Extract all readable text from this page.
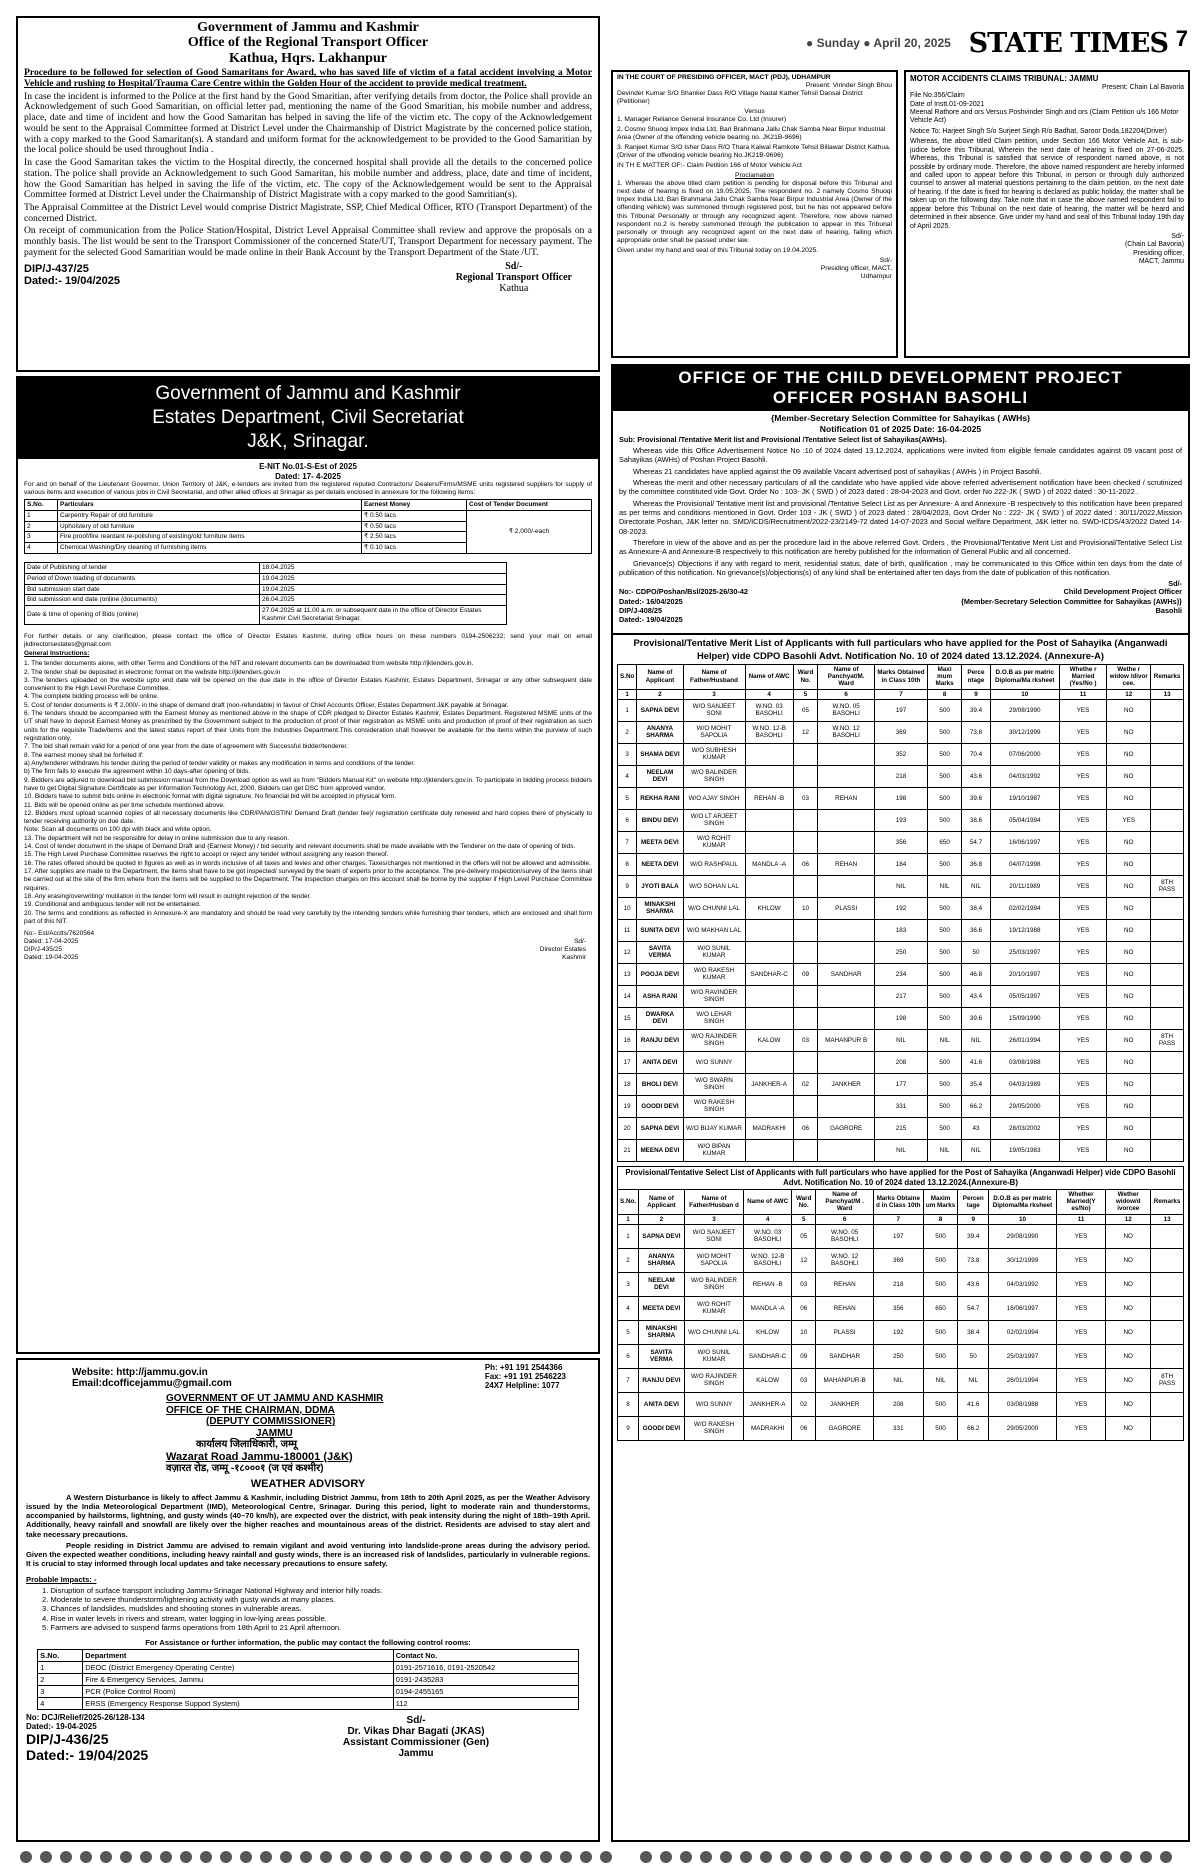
Government of Jammu and Kashmir
Office of the Regional Transport Officer
Kathua, Hqrs. Lakhanpur

Procedure to be followed for selection of Good Samaritans for Award, who has saved life of victim of a fatal accident involving a Motor Vehicle and rushing to Hospital/Trauma Care Centre within the Golden Hour of the accident to provide medical treatment.

In case the incident is informed to the Police at the first hand by the Good Smaritian, after verifying details from doctor, the Police shall provide an Acknowledgement of such Good Samaritian, on official letter pad, mentioning the name of the Good Smaritian, his mobile number and address, place, date and time of incident and how the Good Samaritan has helped in saving the life of the victim etc. The copy of the Acknowledgement would be sent to the Appraisal Committee formed at District Level under the Chairmanship of District Magistrate by the concerned police station, with a copy marked to the Good Samaritan(s). A standard and uniform format for the acknowledgement to be provided to the Good Samaritian by the local police should be used throughout India .

In case the Good Samaritan takes the victim to the Hospital directly, the concerned hospital shall provide all the details to the concerned police station. The police shall provide an Acknowledgement to such Good Samaritan, his mobile number and address, place, date and time of incident, how the Good Samaritian has helped in saving the life of the victim, etc. The copy of the Acknowledgement would be sent to the Appraisal Committee formed at District Level under the Chairmanship of District Magistrate with a copy marked to the good Samritian(s).

The Appraisal Committee at the District Level would comprise District Magistrate, SSP, Chief Medical Officer, RTO (Transport Department) of the concerned District.

On receipt of communication from the Police Station/Hospital, District Level Appraisal Committee shall review and approve the proposals on a monthly basis. The list would be sent to the Transport Commissioner of the concerned State/UT, Transport Department for necessary payment. The payment for the selected Good Samaritian would be made online in their Bank Account by the Transport Department of the State /UT.

Sd/-
Regional Transport Officer
Kathua
DIP/J-437/25
Dated:- 19/04/2025
Government of Jammu and Kashmir
Estates Department, Civil Secretariat
J&K, Srinagar.
E-NIT No.01-S-Est of 2025
Dated: 17- 4-2025

For and on behalf of the Lieutenant Governor, Union Territory of J&K, e-tenders are invited from the registered reputed Contractors/ Dealers/Firms/MSME units registered suppliers for supply of various items and execution of various jobs in Civil Secretariat, and other allied offices at Srinagar as per details enclosed in annexure for the following items:

S.No.	Particulars	Earnest Money	Cost of Tender Document
1	Carpentry Repair of old furniture	₹ 0.50 lacs	₹ 2,000/-each
2	Upholstery of old furniture	₹ 0.50 lacs	
3	Fire proof/fire reardant re-polishing of existing/old furniture items	₹ 2.50 lacs	
4	Chemical Washing/Dry cleaning of furnishing items	₹ 0.10 lacs	
Date of Publishing of tender	18.04.2025
Period of Down loading of documents	19.04.2025
Bid submission start date	19.04.2025
Bid submission end date (online (documents)	26.04.2025
Date & time of opening of Bids (online)	27.04.2025 at 11.00 a.m. or subsequent date in the office of Director Estates Kashmir Civil Secretariat Srinagar.

For further details or any clarification, please contact the office of Director Estates Kashmir, during office hours on these numbers 0194-2506232; send your mail on email jkdirectorsestates@gmail.com

General Instructions:

1. The tender documents alone, with other Terms and Conditions of the NIT and relevant documents can be downloaded from website http://jktenders.gov.in.
2. The tender shall be deposited in electronic format on the website http://jktenders.gov.in
3. The tenders uploaded on the website upto end date will be opened on the due date in the office of Director Estates Kashmir, Estates Department, Srinagar or any other subsequent date convenient to the High Level Purchase Committee.
4. The complete bidding process will be online.
5. Cost of tender documents is ₹ 2,000/- in the shape of demand draft (non-refundable) in favour of Chief Accounts Officer, Estates Department J&K payable at Srinagar.
6. The tenders should be accompanied with the Earnest Money as mentioned above in the shape of CDR pledged to Director Estates Kashmir, Estates Department. Registered MSME units of the UT shall have to deposit Earnest Money as prescribed by the Government subject to the production of proof of their registration as MSME units and production of proof of their registration as such units for the requisite Trade/items and the latest status report of their Units from the Industries Department.This consideration shall however be available for the items within the purview of such registration only.
7. The bid shall remain valid for a period of one year from the date of agreement with Successful bidder/tenderer.
8. The earnest money shall be forfeited if:
a) Any/tenderer withdraws his tender during the period of tender validity or makes any modification in terms and conditions of the tender.
b) The firm fails to execute the agreement within 10 days-after opening of bids.
9. Bidders are adjured to download bid submission manual from the Download option as well as from "Bidders Manual Kit" on website http://jktenders.gov.in. To participate in bidding process bidders have to get Digital Signature Certificate as per Information Technology Act, 2000. Bidders can get DSC from approved vendor.
10. Bidders have to submit bids online in electronic format with digital signature. No financial bid will be accepted in physical form.
11. Bids will be opened online as per time schedule mentioned above.
12. Bidders must upload scanned copies of all necessary documents like CDR/PAN/GSTIN/ Demand Draft (tender fee)/ registration certificate duly renewed and hard copies there of physically to tender receiving authority on due date.
Note: Scan all documents on 100 dpi with black and white option.
13. The department will not be responsible for delay in online submission due to any reason.
14. Cost of tender document in the shape of Demand Draft and (Earnest Money) / bid security and relevant documents shall be made available with the Tenderer on the date of opening of bids.
15. The High Level Purchase Committee reserves the right to accept or reject any tender without assigning any reason thereof.
16. The rates offered should be quoted in figures as well as in words inclusive of all taxes and levies and other charges. Taxes/charges not mentioned in the offers will not be allowed and admissible.
17. After supplies are made to the Department, the items shall have to be got inspected/ surveyed by the team of experts prior to the acceptance. The pre-delivery inspection/survey of the items shall be carried out at the site of the firm where from the items will be supplied to the Department. The inspection charges on this account shall be borne by the supplier if High Level Purchase Committee requires.
18. Any erasing/overwriting/ mutilation in the tender form will result in outright rejection of the tender.
19. Conditional and ambiguous tender will not be entertained.
20. The terms and conditions as reflected in Annexure-X are mandatory and should be read very carefully by the intending tenders while furnishing their tenders, which are enclosed and shall form part of this NIT.
No:- Est/Acctts/7620564
Dated: 17-04-2025
DIP/J-435/25
Dated: 19-04-2025
Sd/-
Director Estates
Kashmir
Website: http://jammu.gov.in
Email:dcofficejammu@gmail.com
Ph: +91 191 2544366
Fax: +91 191 2546223
24X7 Helpline: 1077
GOVERNMENT OF UT JAMMU AND KASHMIR
OFFICE OF THE CHAIRMAN, DDMA
(DEPUTY COMMISSIONER)
JAMMU
कार्यालय जिलाधिकारी, जम्मू
Wazarat Road Jammu-180001 (J&K)
वज़ारत रोड, जम्मू -१८०००१ (ज एवं कश्मीर)
WEATHER ADVISORY

A Western Disturbance is likely to affect Jammu & Kashmir, including District Jammu, from 18th to 20th April 2025, as per the Weather Advisory issued by the India Meteorological Department (IMD), Meteorological Centre, Srinagar. During this period, light to moderate rain and thunderstorms, accompanied by hailstorms, lightning, and gusty winds (40–70 km/h), are expected over the district, with peak intensity during the night of 18th–19th April. Additionally, heavy rainfall and snowfall are likely over the higher reaches and mountainous areas of the district. Residents are advised to stay alert and take necessary precautions.

People residing in District Jammu are advised to remain vigilant and avoid venturing into landslide-prone areas during the advisory period. Given the expected weather conditions, including heavy rainfall and gusty winds, there is an increased risk of landslides, particularly in vulnerable regions. It is crucial to stay informed through local updates and take necessary precautions to ensure safety.

Probable Impacts: -

1. Disruption of surface transport including Jammu-Srinagar National Highway and interior hilly roads.
2. Moderate to severe thunderstorm/lightening activity with gusty winds at many places.
3. Chances of landslides, mudslides and shooting stones in vulnerable areas.
4. Rise in water levels in rivers and stream, water logging in low-lying areas possible.
5. Farmers are advised to suspend farms operations from 18th April to 21 April afternoon.

For Assistance or further information, the public may contact the following control rooms:

S.No.	Department	Contact No.
1	DEOC (District Emergency Operating Centre)	0191-2571616, 0191-2520542
2	Fire & Emergency Services, Jammu	0191-2435283
3	PCR (Police Control Room)	0194-2455165
4	ERSS (Emergency Response Support System)	112
No: DCJ/Relief/2025-26/128-134
Dated:- 19-04-2025
DIP/J-436/25
Dated:- 19/04/2025
Sd/-
Dr. Vikas Dhar Bagati (JKAS)
Assistant Commissioner (Gen)
Jammu
● Sunday ● April 20, 2025 STATE TIMES 7
IN THE COURT OF PRESIDING OFFICER, MACT (PDJ), UDHAMPUR
Present: Virinder Singh Bhou

Devinder Kumar S/O Shanker Dass R/O Village Nadal Kather Tehsil Dansal District (Petitioner)

Versus

1. Manager Reliance General Insurance Co. Ltd (Insurer)

2. Cosmo Shuoqi Impex India Ltd, Bari Brahmana Jallu Chak Samba Near Birpur Industrial Area (Owner of the offending vehicle bearing no. JK21B-9696)

3. Ranjeet Kumar S/O Isher Dass R/O Thara Kalwal Ramkote Tehsil Billawar District Kathua. (Driver of the offending vehicle bearing No.JK21B-9696)

IN TH E MATTER OF:- Claim Petition 166 of Motor Vehicle Act

Proclamation

1. Whereas the above titled claim petition is pending for disposal before this Tribunal and next date of hearing is fixed on 19.05.2025. The respondent no. 2 namely Cosmo Shuoqi Impex India Ltd, Bari Brahmana Jallu Chak Samba Near Birpur Industrial Area (Owner of the offending vehicle) was summoned through registered post, but he has not appeared before this Tribunal Personally or through any recognized agent. Therefore, now above named respondent no.2 is hereby summoned through the publication to appear in this Tribunal personally or through any recognized agent on the next date of hearing, failing which appropriate order shall be passed under law.

Given under my hand and seal of this Tribunal today on 19.04.2025.

Sd/-
Presiding officer, MACT,
Udhampur
MOTOR ACCIDENTS CLAIMS TRIBUNAL: JAMMU
Present: Chain Lal Bavoria
File No.356/Claim
Date of Instt.01-09-2021

Meenal Rathore and ors Versus Poshvinder Singh and ors (Claim Petition u/s 166 Motor Vehicle Act)

Notice To: Harjeet Singh S/o Surjeet Singh R/o Badhat, Saroor Doda,182204(Driver)

Whereas, the above titled Claim petition, under Section 166 Motor Vehicle Act, is sub- judice before this Tribunal, Wherein the next date of hearing is fixed on 27-06-2025. Whereas, this Tribunal is satisfied that service of respondent named above, is not possible by ordinary mode. Therefore, the above named respondent are hereby informed and called upon to appear before this Tribunal, in person or through duly authorized counsel to answer all material questions pertaining to the claim petition, on the next date of hearing. If the date is fixed for hearing is declared as public holiday, the matter shall be taken up on the following day. Take note that in case the above named respondent fail to appear before this Tribunal on the next date of hearing, the matter will be heard and determined in their absence. Give under my hand and seal of this Tribunal today 19th day of April 2025.

Sd/-
(Chain Lal Bavoria)
Presiding officer,
MACT, Jammu
OFFICE OF THE CHILD DEVELOPMENT PROJECT
OFFICER POSHAN BASOHLI
{Member-Secretary Selection Committee for Sahayikas ( AWHs)
Notification 01 of 2025 Date: 16-04-2025

Sub: Provisional /Tentative Merit list and Provisional /Tentative Select list of Sahayikas(AWHs).

Whereas vide this Office Advertisement Notice No :10 of 2024 dated 13.12.2024, applications were invited from eligible female candidates against 09 vacant post of Sahayikas (AWHs) of Poshan Project Basohli.

Whereas 21 candidates have applied against the 09 available Vacant advertised post of sahayikas ( AWHs ) in Project Basohli.

Whereas the merit and other necessary particulars of all the candidate who have applied vide above referred advertisement notification have been checked / scrutinized by the committee constituted vide Govt. Order No : 103- JK ( SWD ) of 2023 dated : 28-04-2023 and Govt. order No 222-JK ( SWD ) of 2022 dated : 30-11-2022 .

Whereas the Provisional/ Tentative merit list and provisional /Tentative Select List as per Annexure- A and Annexure -B respectively to this notification have been prepared as per terms and conditions mentioned in Govt. Order 103 - JK ( SWD ) of 2023 dated : 28/04/2023, Govt Order No : 222- JK ( SWD ) of 2022 dated : 30/11/2022,Mission Directorate Poshan, J&K letter no. SMD/ICDS/Recruitment/2022-23/2149-72 dated 14-07-2023 and Social welfare Department, J&K letter no. SWD-ICDS/43/2022 Dated 14-08-2023.

Therefore in view of the above and as per the procedure laid in the above referred Govt. Orders , the Provisional/Tentative Merit List and Provisional/Tentative Select List as Annexure-A and Annexure-B respectively to this notification are hereby published for the information of General Public and all concerned.

Grievance(s) Objections if any with regard to merit, residential status, date of birth, qualification , may be communicated to this Office within ten days from the date of publication of this notification. No grievance(s)/objections(s) of any kind shall be entertained after ten days from the date of publication of this notification.

Sd/-
No:- CDPO/Poshan/Bsl/2025-26/30-42
Dated:- 16/04/2025
DIP/J-408/25
Dated:- 19/04/2025
Child Development Project Officer
{Member-Secretary Selection Committee for Sahayikas (AWHs)}
Basohli
Provisional/Tentative Merit List of Applicants with full particulars who have applied for the Post of Sahayika (Anganwadi Helper) vide CDPO Basohli Advt. Notification No. 10 of 2024 dated 13.12.2024. (Annexure-A)
S.No	Name of Applicant	Name of Father/Husband	Name of AWC	Ward No.	Name of Panchyat/M. Ward	Marks Obtained in Class 10th	Maxi mum Marks	Perce ntage	D.O.B as per matric Diploma/Ma rksheet	Whethe r Married (Yes/No )	Wethe r widow /divor cee.	Remarks
1	2	3	4	5	6	7	8	9	10	11	12	13
1	SAPNA DEVI	W/O SANJEET SONI	W.NO. 03 BASOHLI	05	W.NO. 05 BASOHLI	197	500	39.4	29/08/1990	YES	NO	
2	ANANYA SHARMA	W/O MOHIT SAPOLIA	W.NO. 12-B BASOHLI	12	W.NO. 12 BASOHLI	369	500	73.8	30/12/1999	YES	NO	
3	SHAMA DEVI	W/O SUBHESH KUMAR				352	500	70.4	07/06/2000	YES	NO	
4	NEELAM DEVI	W/O BALINDER SINGH				218	500	43.6	04/03/1992	YES	NO	
5	REKHA RANI	W/O AJAY SINGH	REHAN -B	03	REHAN	198	500	39.6	19/10/1987	YES	NO	
6	BINDU DEVI	W/O LT ARJEET SINGH				193	500	38.6	05/04/1994	YES	YES	
7	MEETA DEVI	W/O ROHIT KUMAR				356	650	54.7	16/06/1997	YES	NO	
8	NEETA DEVI	W/O RASHPAUL	MANDLA -A	06	REHAN	184	500	36.8	04/07/1998	YES	NO	
9	JYOTI BALA	W/O SOHAN LAL				NIL	NIL	NIL	20/11/1989	YES	NO	8TH PASS
10	MINAKSHI SHARMA	W/O CHUNNI LAL	KHLOW	10	PLASSI	192	500	38.4	02/02/1994	YES	NO	
11	SUNITA DEVI	W/O MAKHAN LAL				183	500	36.6	19/12/1988	YES	NO	
12	SAVITA VERMA	W/O SUNIL KUMAR				250	500	50	25/03/1997	YES	NO	
13	POOJA DEVI	W/O RAKESH KUMAR	SANDHAR-C	09	SANDHAR	234	500	46.8	20/10/1997	YES	NO	
14	ASHA RANI	W/O RAVINDER SINGH				217	500	43.4	05/05/1997	YES	NO	
15	DWARKA DEVI	W/O LEHAR SINGH				198	500	39.6	15/09/1990	YES	NO	
16	RANJU DEVI	W/O RAJINDER SINGH	KALOW	03	MAHANPUR B	NIL	NIL	NIL	26/01/1994	YES	NO	8TH PASS
17	ANITA DEVI	W/O SUNNY				208	500	41.6	03/08/1988	YES	NO	
18	BHOLI DEVI	W/O SWARN SINGH	JANKHER-A	02	JANKHER	177	500	35.4	04/03/1989	YES	NO	
19	GOODI DEVI	W/O RAKESH SINGH				331	500	66.2	29/05/2000	YES	NO	
20	SAPNA DEVI	W/O BIJAY KUMAR	MADRAKHI	06	GAGRORE	215	500	43	28/03/2002	YES	NO	
21	MEENA DEVI	W/O BIPAN KUMAR				NIL	NIL	NIL	19/05/1983	YES	NO	
Provisional/Tentative Select List of Applicants with full particulars who have applied for the Post of Sahayika (Anganwadi Helper) vide CDPO Basohli Advt. Notification No. 10 of 2024 dated 13.12.2024.(Annexure-B)
S.No.	Name of Applicant	Name of Father/Husban d	Name of AWC	Ward No.	Name of Panchyat/M . Ward	Marks Obtaine d in Class 10th	Maxim um Marks	Percen tage	D.O.B as per matric Diploma/Ma rksheet	Whether Married(Y es/No)	Wether widow/d ivorcee	Remarks
1	2	3	4	5	6	7	8	9	10	11	12	13
1	SAPNA DEVI	W/O SANJEET SONI	W.NO. 03 BASOHLI	05	W.NO. 05 BASOHLI	197	500	39.4	29/08/1990	YES	NO	
2	ANANYA SHARMA	W/O MOHIT SAPOLIA	W.NO. 12-B BASOHLI	12	W.NO. 12 BASOHLI	369	500	73.8	30/12/1999	YES	NO	
3	NEELAM DEVI	W/O BALINDER SINGH	REHAN -B	03	REHAN	218	500	43.6	04/03/1992	YES	NO	
4	MEETA DEVI	W/O ROHIT KUMAR	MANDLA -A	06	REHAN	356	650	54.7	16/06/1997	YES	NO	
5	MINAKSHI SHARMA	W/O CHUNNI LAL	KHLOW	10	PLASSI	192	500	38.4	02/02/1994	YES	NO	
6	SAVITA VERMA	W/O SUNIL KUMAR	SANDHAR-C	09	SANDHAR	250	500	50	25/03/1997	YES	NO	
7	RANJU DEVI	W/O RAJINDER SINGH	KALOW	03	MAHANPUR-B	NIL	NIL	NIL	26/01/1994	YES	NO	8TH PASS
8	ANITA DEVI	W/O SUNNY	JANKHER-A	02	JANKHER	208	500	41.6	03/08/1988	YES	NO	
9	GOODI DEVI	W/O RAKESH SINGH	MADRAKHI	06	GAGRORE	331	500	66.2	29/05/2000	YES	NO	
